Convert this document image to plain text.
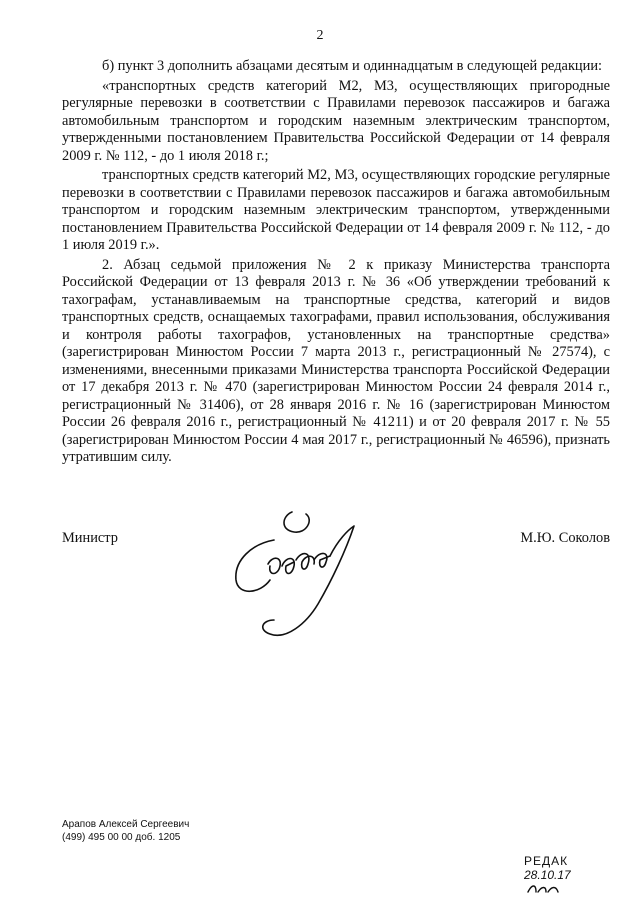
2

б) пункт 3 дополнить абзацами десятым и одиннадцатым в следующей редакции:

«транспортных средств категорий М2, М3, осуществляющих пригородные регулярные перевозки в соответствии с Правилами перевозок пассажиров и багажа автомобильным транспортом и городским наземным электрическим транспортом, утвержденными постановлением Правительства Российской Федерации от 14 февраля 2009 г. № 112, - до 1 июля 2018 г.;

транспортных средств категорий М2, М3, осуществляющих городские регулярные перевозки в соответствии с Правилами перевозок пассажиров и багажа автомобильным транспортом и городским наземным электрическим транспортом, утвержденными постановлением Правительства Российской Федерации от 14 февраля 2009 г. № 112, - до 1 июля 2019 г.».

2. Абзац седьмой приложения № 2 к приказу Министерства транспорта Российской Федерации от 13 февраля 2013 г. № 36 «Об утверждении требований к тахографам, устанавливаемым на транспортные средства, категорий и видов транспортных средств, оснащаемых тахографами, правил использования, обслуживания и контроля работы тахографов, установленных на транспортные средства» (зарегистрирован Минюстом России 7 марта 2013 г., регистрационный № 27574), с изменениями, внесенными приказами Министерства транспорта Российской Федерации от 17 декабря 2013 г. № 470 (зарегистрирован Минюстом России 24 февраля 2014 г., регистрационный № 31406), от 28 января 2016 г. № 16 (зарегистрирован Минюстом России 26 февраля 2016 г., регистрационный № 41211) и от 20 февраля 2017 г. № 55 (зарегистрирован Минюстом России 4 мая 2017 г., регистрационный № 46596), признать утратившим силу.

Министр	М.Ю. Соколов
Арапов Алексей Сергеевич
(499) 495 00 00 доб. 1205
РЕДАК
28.10.17
